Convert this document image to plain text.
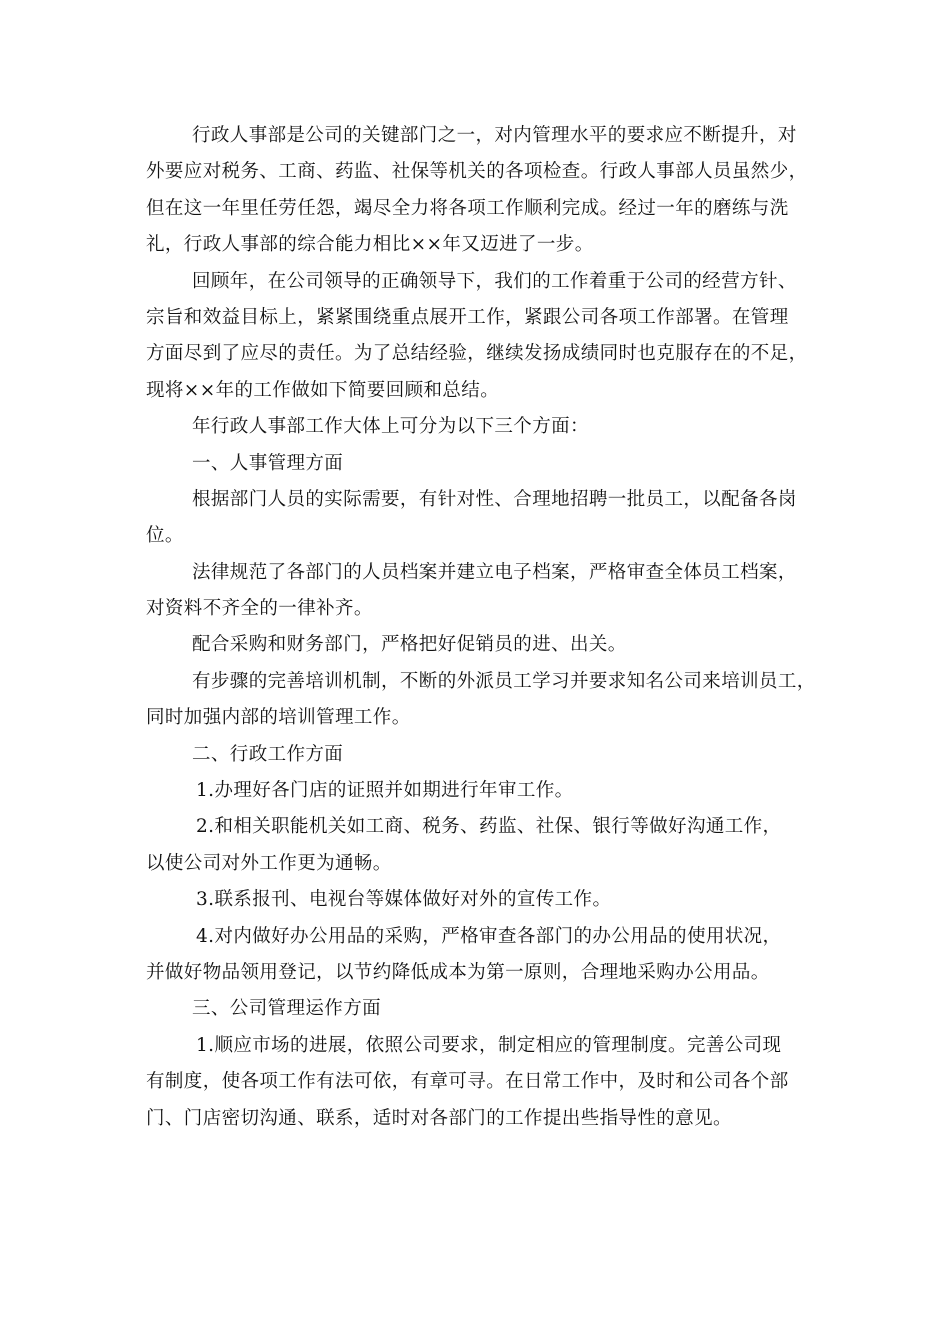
行政人事部是公司的关键部门之一，对内管理水平的要求应不断提升，对
外要应对税务、工商、药监、社保等机关的各项检查。行政人事部人员虽然少，
但在这一年里任劳任怨，竭尽全力将各项工作顺利完成。经过一年的磨练与洗
礼，行政人事部的综合能力相比××年又迈进了一步。
回顾年，在公司领导的正确领导下，我们的工作着重于公司的经营方针、
宗旨和效益目标上，紧紧围绕重点展开工作，紧跟公司各项工作部署。在管理
方面尽到了应尽的责任。为了总结经验，继续发扬成绩同时也克服存在的不足，
现将××年的工作做如下简要回顾和总结。
年行政人事部工作大体上可分为以下三个方面：
一、人事管理方面
根据部门人员的实际需要，有针对性、合理地招聘一批员工，以配备各岗
位。
法律规范了各部门的人员档案并建立电子档案，严格审查全体员工档案，
对资料不齐全的一律补齐。
配合采购和财务部门，严格把好促销员的进、出关。
有步骤的完善培训机制，不断的外派员工学习并要求知名公司来培训员工，
同时加强内部的培训管理工作。
二、行政工作方面
1.办理好各门店的证照并如期进行年审工作。
2.和相关职能机关如工商、税务、药监、社保、银行等做好沟通工作，
以使公司对外工作更为通畅。
3.联系报刊、电视台等媒体做好对外的宣传工作。
4.对内做好办公用品的采购，严格审查各部门的办公用品的使用状况，
并做好物品领用登记，以节约降低成本为第一原则，合理地采购办公用品。
三、公司管理运作方面
1.顺应市场的进展，依照公司要求，制定相应的管理制度。完善公司现
有制度，使各项工作有法可依，有章可寻。在日常工作中，及时和公司各个部
门、门店密切沟通、联系，适时对各部门的工作提出些指导性的意见。
